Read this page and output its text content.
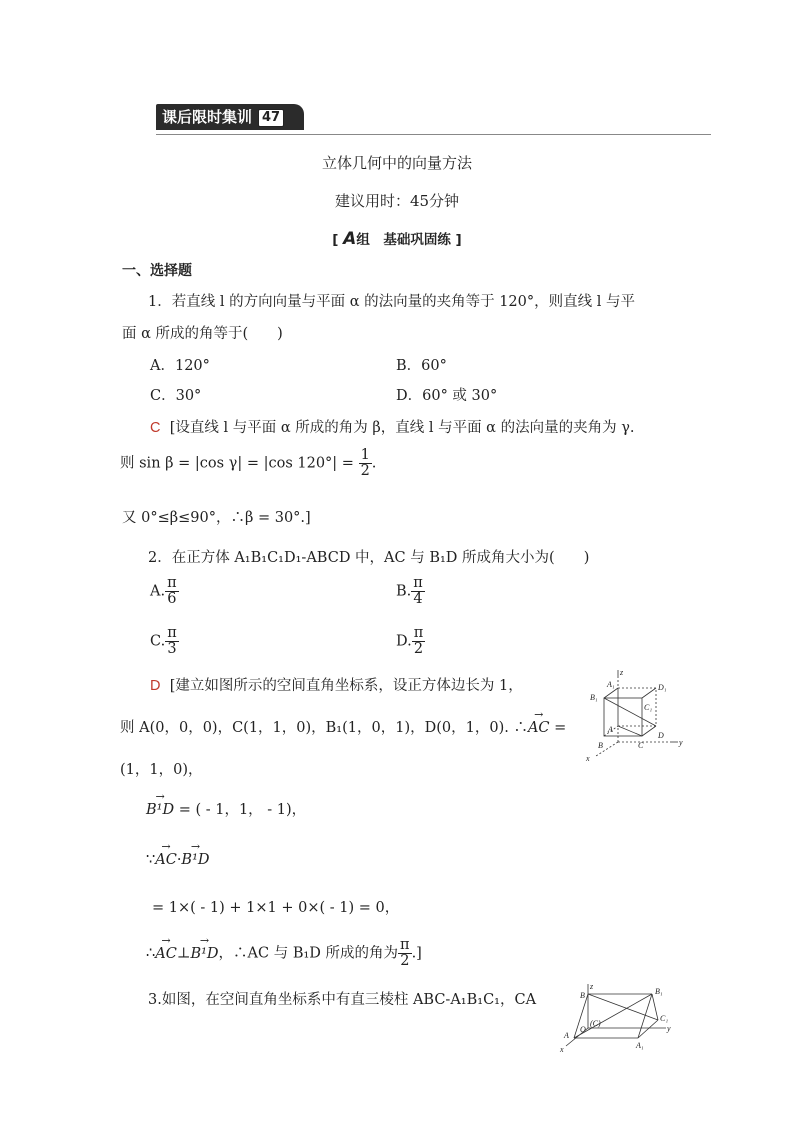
课后限时集训 47
立体几何中的向量方法
建议用时：45分钟
[ A组　基础巩固练 ]
一、选择题
1．若直线 l 的方向向量与平面 α 的法向量的夹角等于 120°，则直线 l 与平
面 α 所成的角等于(　　)
A．120°	B．60°
C．30°	D．60° 或 30°
C [设直线 l 与平面 α 所成的角为 β，直线 l 与平面 α 的法向量的夹角为 γ.
则 sin β = |cos γ| = |cos $120^\circ| = \frac{1}{2}$ .
又 0°≤β≤90°，∴β = 30°.]
2．在正方体 A₁B₁C₁D₁-ABCD 中，AC 与 B₁D 所成角大小为(　　)
A. $\frac{\pi}{6}$	B. $\frac{\pi}{4}$
C. $\frac{\pi}{3}$	D. $\frac{\pi}{2}$
D [建立如图所示的空间直角坐标系，设正方体边长为 1，
则 A(0，0，0)，C(1，1，0)，B₁(1，0，1)，D(0，1，0). ∴→ AC =
(1，1，0)，
→ B¹D = ( - 1，1， - 1)，
∵→ AC·→ B¹D
= 1×( - 1) + 1×1 + 0×( - 1) = 0，
∴→ AC⊥→ B¹D，∴AC 与 B₁D 所成的角为 $\frac{\pi}{2}$ .]
3.如图，在空间直角坐标系中有直三棱柱 ABC-A₁B₁C₁，CA
z
y
x
A₁	D₁
B₁
C₁
A
D
B	C
z
B	B₁
C₁
y
(C)
O
A
A₁
x
